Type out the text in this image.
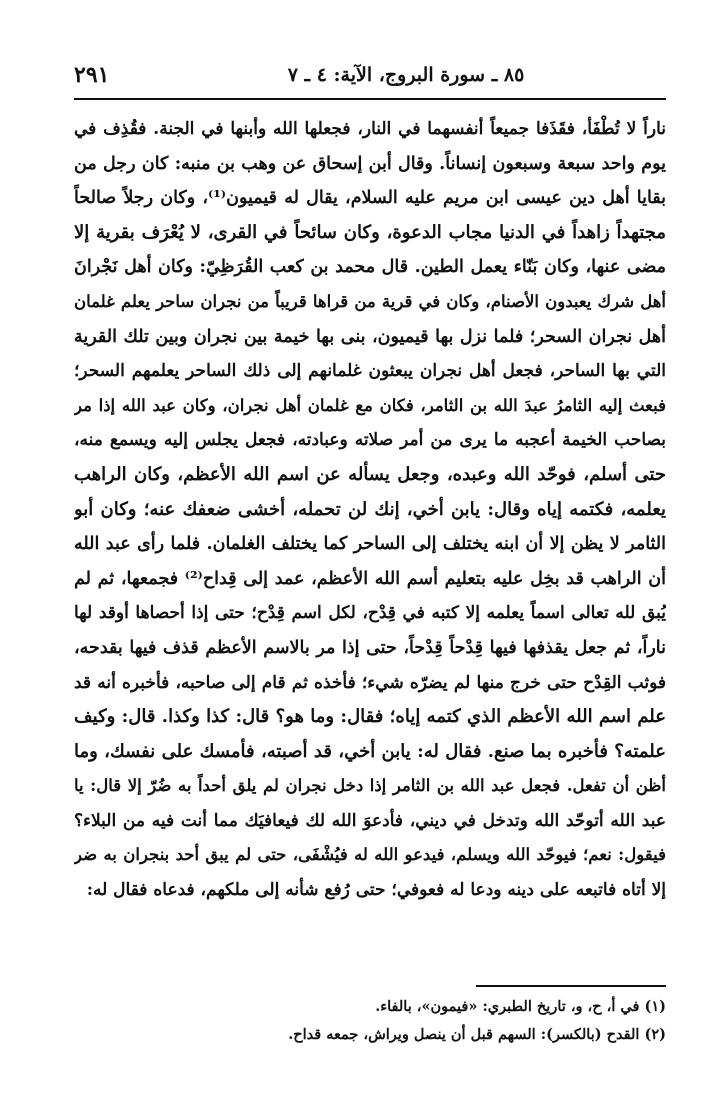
٨٥ ـ سورة البروج، الآية: ٤ ـ ٧
٢٩١
ناراً لا تُطْفَأ، فقَذَفا جميعاً أنفسهما في النار، فجعلها الله وأبنها في الجنة. فقُذِف في
يوم واحد سبعة وسبعون إنساناً. وقال أبن إسحاق عن وهب بن منبه: كان رجل من
بقايا أهل دين عيسى ابن مريم عليه السلام، يقال له قيميون⁽¹⁾، وكان رجلاً صالحاً
مجتهداً زاهداً في الدنيا مجاب الدعوة، وكان سائحاً في القرى، لا يُعْرَف بقرية إلا
مضى عنها، وكان بَنّاء يعمل الطين. قال محمد بن كعب القُرَظِيّ: وكان أهل نَجْرانَ
أهل شرك يعبدون الأصنام، وكان في قرية من قراها قريباً من نجران ساحر يعلم غلمان
أهل نجران السحر؛ فلما نزل بها قيميون، بنى بها خيمة بين نجران وبين تلك القرية
التي بها الساحر، فجعل أهل نجران يبعثون غلمانهم إلى ذلك الساحر يعلمهم السحر؛
فبعث إليه الثامرُ عبدَ الله بن الثامر، فكان مع غلمان أهل نجران، وكان عبد الله إذا مر
بصاحب الخيمة أعجبه ما يرى من أمر صلاته وعبادته، فجعل يجلس إليه ويسمع منه،
حتى أسلم، فوحّد الله وعبده، وجعل يسأله عن اسم الله الأعظم، وكان الراهب
يعلمه، فكتمه إياه وقال: يابن أخي، إنك لن تحمله، أخشى ضعفك عنه؛ وكان أبو
الثامر لا يظن إلا أن ابنه يختلف إلى الساحر كما يختلف الغلمان. فلما رأى عبد الله
أن الراهب قد بخِل عليه بتعليم أسم الله الأعظم، عمد إلى قِداح⁽²⁾ فجمعها، ثم لم
يُبق لله تعالى اسماً يعلمه إلا كتبه في قِدْح، لكل اسم قِدْح؛ حتى إذا أحصاها أوقد لها
ناراً، ثم جعل يقذفها فيها قِدْحاً قِدْحاً، حتى إذا مر بالاسم الأعظم قذف فيها بقدحه،
فوثب القِدْح حتى خرج منها لم يضرّه شيء؛ فأخذه ثم قام إلى صاحبه، فأخبره أنه قد
علم اسم الله الأعظم الذي كتمه إياه؛ فقال: وما هو؟ قال: كذا وكذا. قال: وكيف
علمته؟ فأخبره بما صنع. فقال له: يابن أخي، قد أصبته، فأمسك على نفسك، وما
أظن أن تفعل. فجعل عبد الله بن الثامر إذا دخل نجران لم يلق أحداً به ضُرّ إلا قال: يا
عبد الله أتوحّد الله وتدخل في ديني، فأدعوَ الله لك فيعافيَك مما أنت فيه من البلاء؟
فيقول: نعم؛ فيوحّد الله ويسلم، فيدعو الله له فيُشْفَى، حتى لم يبق أحد بنجران به ضر
إلا أتاه فاتبعه على دينه ودعا له فعوفي؛ حتى رُفع شأنه إلى ملكهم، فدعاه فقال له:
(١) في أ، ح، و، تاريخ الطبري: «فيمون»، بالفاء.
(٢) القدح (بالكسر): السهم قبل أن ينصل ويراش، جمعه قداح.
